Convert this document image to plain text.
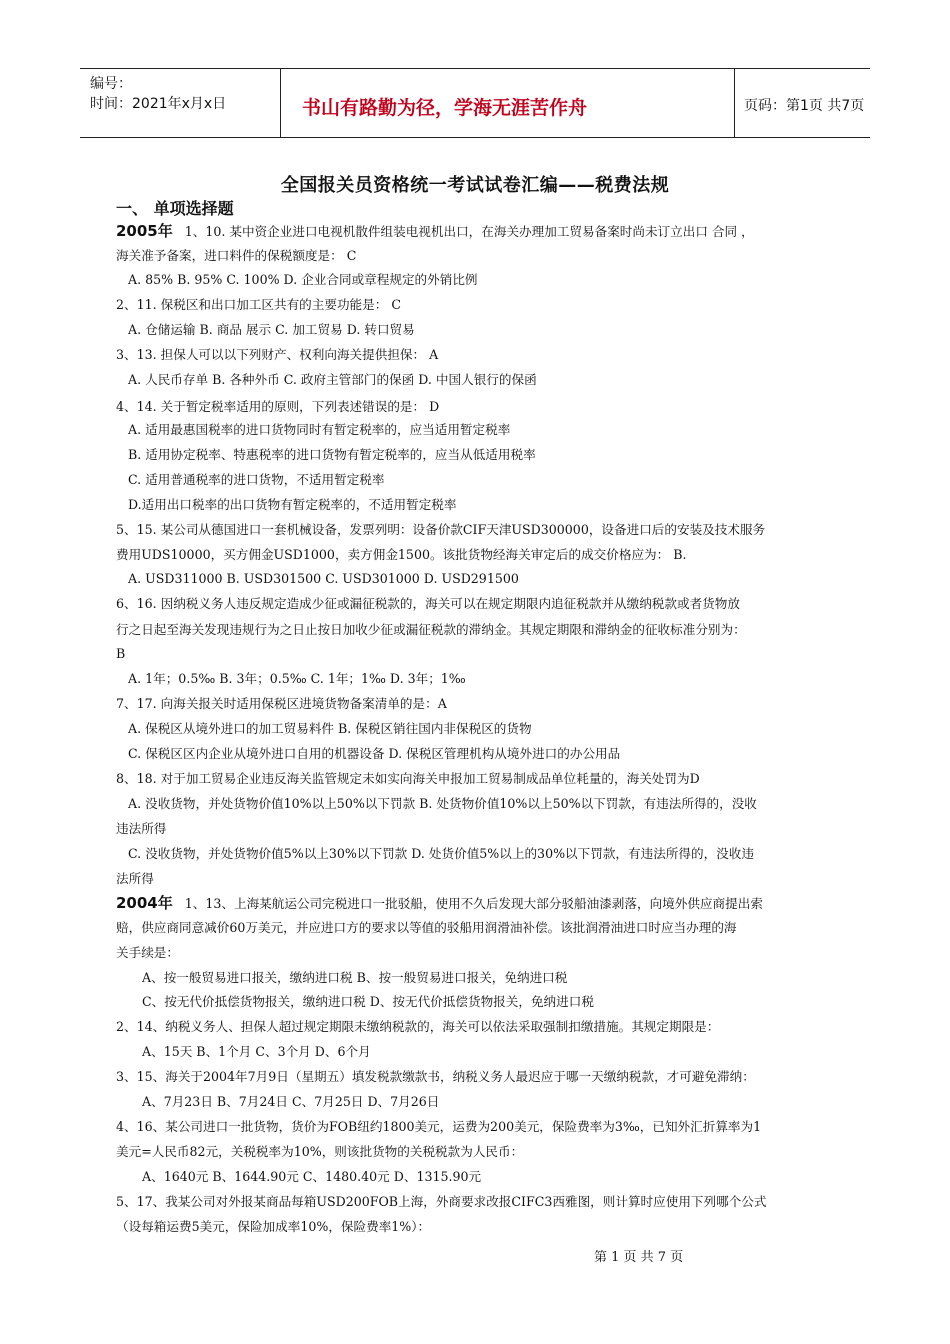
编号：
时间：2021年x月x日	书山有路勤为径，学海无涯苦作舟	页码：第1页 共7页
全国报关员资格统一考试试卷汇编——税费法规
一、 单项选择题
2005年 1、10. 某中资企业进口电视机散件组装电视机出口，在海关办理加工贸易备案时尚未订立出口 合同 ，
海关准予备案，进口料件的保税额度是： C
A. 85% B. 95% C. 100% D. 企业合同或章程规定的外销比例
2、11. 保税区和出口加工区共有的主要功能是： C
A. 仓储运输 B. 商品 展示 C. 加工贸易 D. 转口贸易
3、13. 担保人可以以下列财产、权利向海关提供担保： A
A. 人民币存单 B. 各种外币 C. 政府主管部门的保函 D. 中国人银行的保函
4、14. 关于暂定税率适用的原则，下列表述错误的是： D
A. 适用最惠国税率的进口货物同时有暂定税率的，应当适用暂定税率
B. 适用协定税率、特惠税率的进口货物有暂定税率的，应当从低适用税率
C. 适用普通税率的进口货物，不适用暂定税率
D.适用出口税率的出口货物有暂定税率的，不适用暂定税率
5、15. 某公司从德国进口一套机械设备，发票列明：设备价款CIF天津USD300000，设备进口后的安装及技术服务
费用UDS10000，买方佣金USD1000，卖方佣金1500。该批货物经海关审定后的成交价格应为： B.
A. USD311000 B. USD301500 C. USD301000 D. USD291500
6、16. 因纳税义务人违反规定造成少征或漏征税款的，海关可以在规定期限内追征税款并从缴纳税款或者货物放
行之日起至海关发现违规行为之日止按日加收少征或漏征税款的滞纳金。其规定期限和滞纳金的征收标准分别为：
B
A. 1年；0.5‰ B. 3年；0.5‰ C. 1年；1‰ D. 3年；1‰
7、17. 向海关报关时适用保税区进境货物备案清单的是：A
A. 保税区从境外进口的加工贸易料件 B. 保税区销往国内非保税区的货物
C. 保税区区内企业从境外进口自用的机器设备 D. 保税区管理机构从境外进口的办公用品
8、18. 对于加工贸易企业违反海关监管规定未如实向海关申报加工贸易制成品单位耗量的，海关处罚为D
A. 没收货物，并处货物价值10%以上50%以下罚款 B. 处货物价值10%以上50%以下罚款，有违法所得的，没收
违法所得
C. 没收货物，并处货物价值5%以上30%以下罚款 D. 处货价值5%以上的30%以下罚款，有违法所得的，没收违
法所得
2004年 1、13、上海某航运公司完税进口一批驳船，使用不久后发现大部分驳船油漆剥落，向境外供应商提出索
赔，供应商同意减价60万美元，并应进口方的要求以等值的驳船用润滑油补偿。该批润滑油进口时应当办理的海
关手续是：
A、按一般贸易进口报关，缴纳进口税 B、按一般贸易进口报关，免纳进口税
C、按无代价抵偿货物报关，缴纳进口税 D、按无代价抵偿货物报关，免纳进口税
2、14、纳税义务人、担保人超过规定期限未缴纳税款的，海关可以依法采取强制扣缴措施。其规定期限是：
A、15天 B、1个月 C、3个月 D、6个月
3、15、海关于2004年7月9日（星期五）填发税款缴款书，纳税义务人最迟应于哪一天缴纳税款，才可避免滞纳：
A、7月23日 B、7月24日 C、7月25日 D、7月26日
4、16、某公司进口一批货物，货价为FOB纽约1800美元，运费为200美元，保险费率为3‰，已知外汇折算率为1
美元=人民币82元，关税税率为10%，则该批货物的关税税款为人民币：
A、1640元 B、1644.90元 C、1480.40元 D、1315.90元
5、17、我某公司对外报某商品每箱USD200FOB上海，外商要求改报CIFC3西雅图，则计算时应使用下列哪个公式
（设每箱运费5美元，保险加成率10%，保险费率1%）：
第 1 页 共 7 页
